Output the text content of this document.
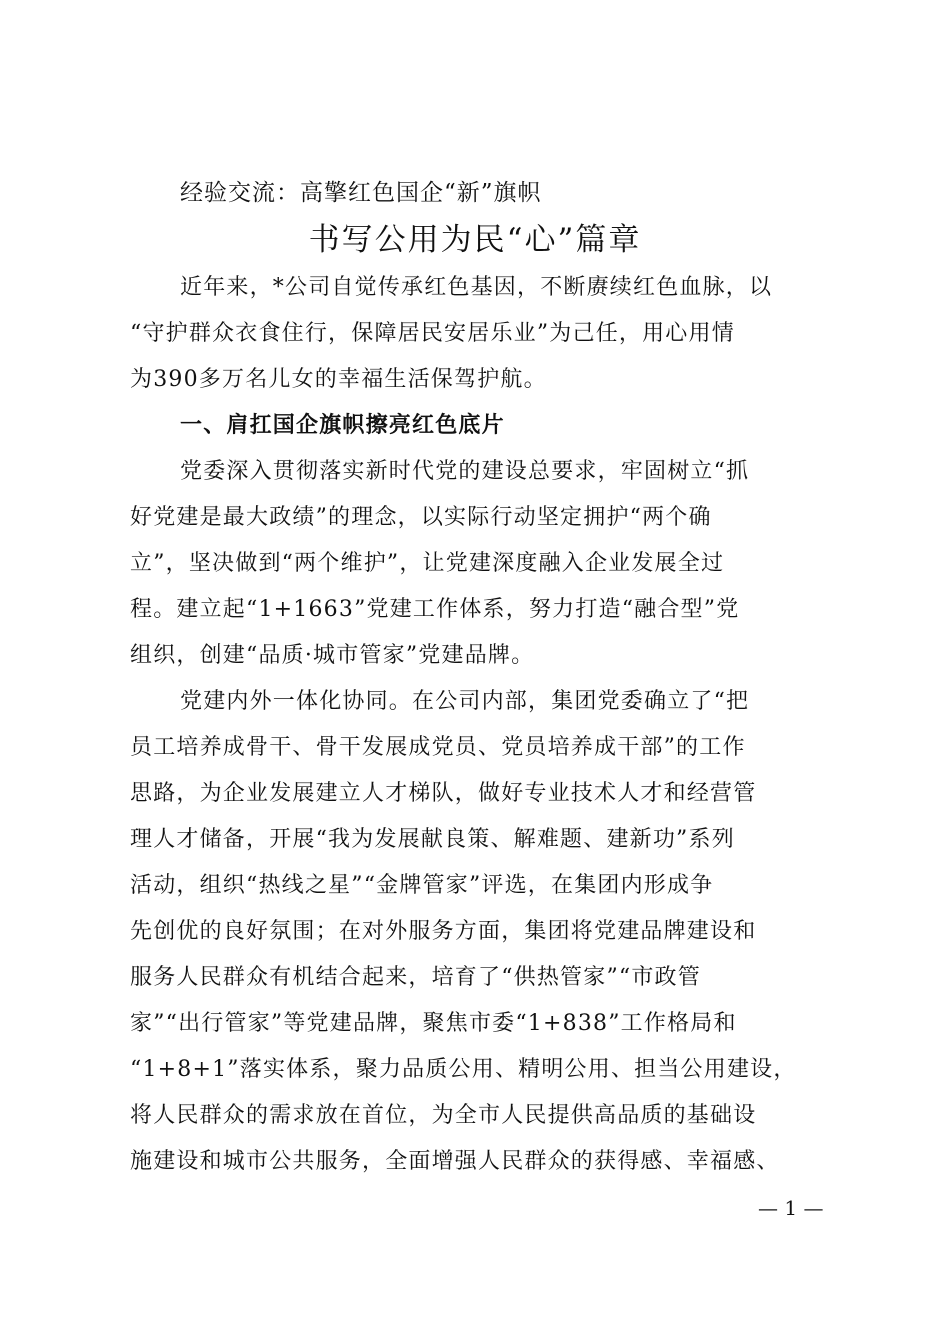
经验交流：高擎红色国企“新”旗帜
书写公用为民“心”篇章
近年来，*公司自觉传承红色基因，不断赓续红色血脉，以
“守护群众衣食住行，保障居民安居乐业”为己任，用心用情
为390多万名儿女的幸福生活保驾护航。
一、肩扛国企旗帜擦亮红色底片
党委深入贯彻落实新时代党的建设总要求，牢固树立“抓
好党建是最大政绩”的理念，以实际行动坚定拥护“两个确
立”，坚决做到“两个维护”，让党建深度融入企业发展全过
程。建立起“1+1663”党建工作体系，努力打造“融合型”党
组织，创建“品质·城市管家”党建品牌。
党建内外一体化协同。在公司内部，集团党委确立了“把
员工培养成骨干、骨干发展成党员、党员培养成干部”的工作
思路，为企业发展建立人才梯队，做好专业技术人才和经营管
理人才储备，开展“我为发展献良策、解难题、建新功”系列
活动，组织“热线之星”“金牌管家”评选，在集团内形成争
先创优的良好氛围；在对外服务方面，集团将党建品牌建设和
服务人民群众有机结合起来，培育了“供热管家”“市政管
家”“出行管家”等党建品牌，聚焦市委“1+838”工作格局和
“1+8+1”落实体系，聚力品质公用、精明公用、担当公用建设，
将人民群众的需求放在首位，为全市人民提供高品质的基础设
施建设和城市公共服务，全面增强人民群众的获得感、幸福感、
— 1 —
